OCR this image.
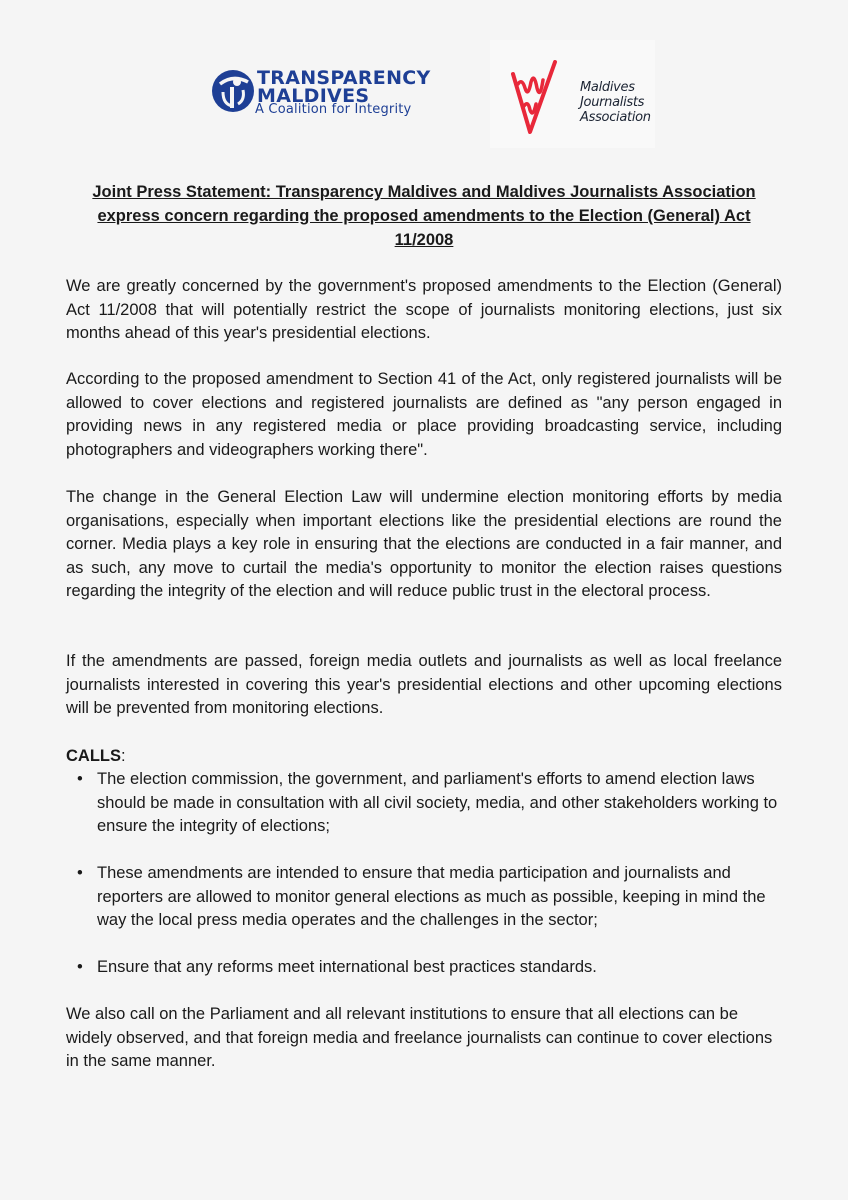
TRANSPARENCY
MALDIVES
A Coalition for Integrity
Maldives
Journalists
Association
Joint Press Statement: Transparency Maldives and Maldives Journalists Association express concern regarding the proposed amendments to the Election (General) Act 11/2008

We are greatly concerned by the government's proposed amendments to the Election (General) Act 11/2008 that will potentially restrict the scope of journalists monitoring elections, just six months ahead of this year's presidential elections.

According to the proposed amendment to Section 41 of the Act, only registered journalists will be allowed to cover elections and registered journalists are defined as "any person engaged in providing news in any registered media or place providing broadcasting service, including photographers and videographers working there".

The change in the General Election Law will undermine election monitoring efforts by media organisations, especially when important elections like the presidential elections are round the corner. Media plays a key role in ensuring that the elections are conducted in a fair manner, and as such, any move to curtail the media's opportunity to monitor the election raises questions regarding the integrity of the election and will reduce public trust in the electoral process.

If the amendments are passed, foreign media outlets and journalists as well as local freelance journalists interested in covering this year's presidential elections and other upcoming elections will be prevented from monitoring elections.

CALLS:

• The election commission, the government, and parliament's efforts to amend election laws should be made in consultation with all civil society, media, and other stakeholders working to ensure the integrity of elections;
• These amendments are intended to ensure that media participation and journalists and reporters are allowed to monitor general elections as much as possible, keeping in mind the way the local press media operates and the challenges in the sector;
• Ensure that any reforms meet international best practices standards.

We also call on the Parliament and all relevant institutions to ensure that all elections can be widely observed, and that foreign media and freelance journalists can continue to cover elections in the same manner.
